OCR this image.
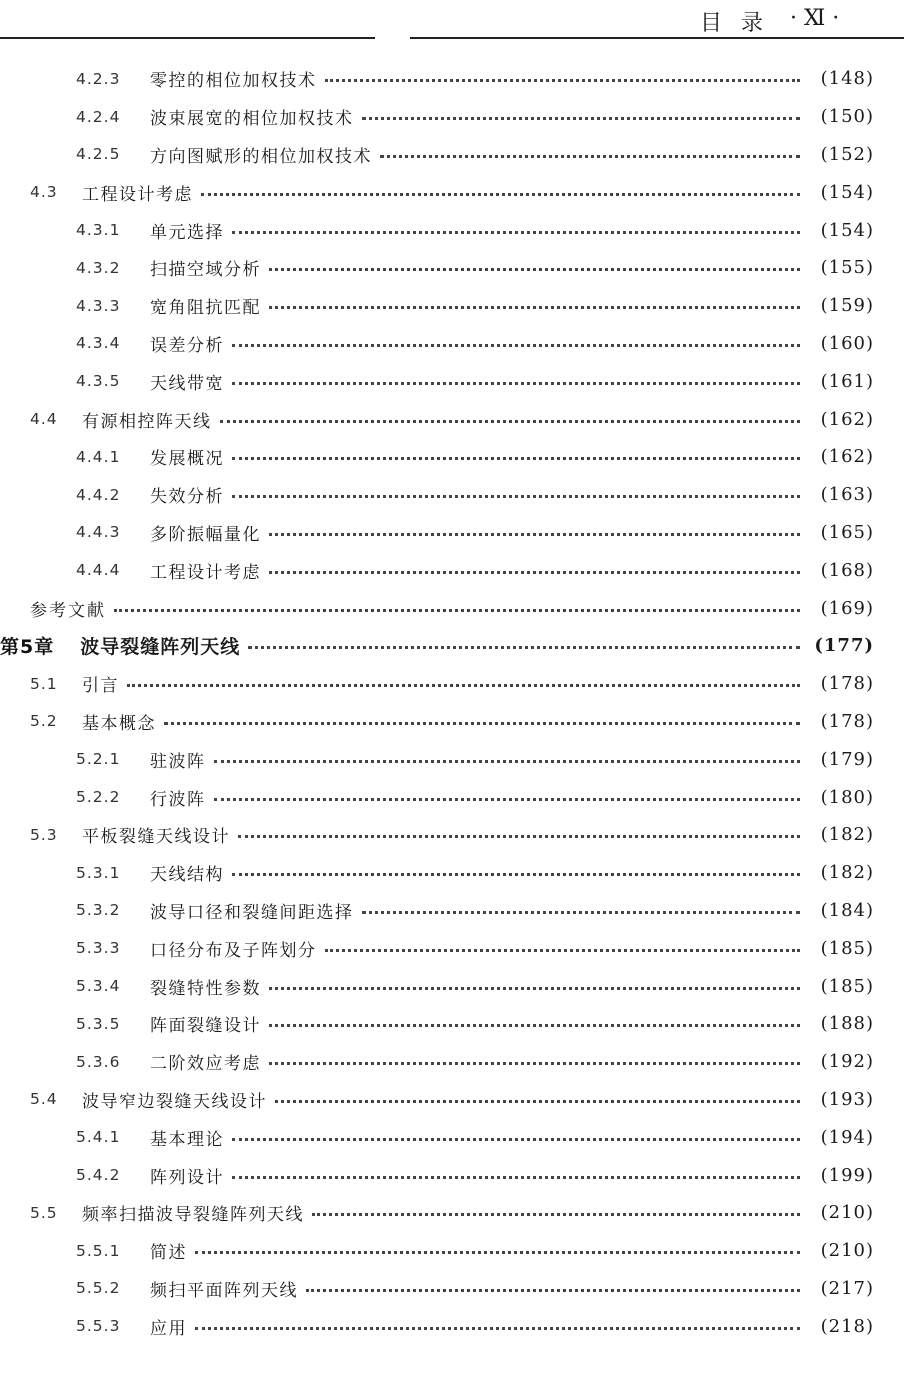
目 录 · Ⅺ ·
4.2.3	零控的相位加权技术	(148)
4.2.4	波束展宽的相位加权技术	(150)
4.2.5	方向图赋形的相位加权技术	(152)
4.3	工程设计考虑	(154)
4.3.1	单元选择	(154)
4.3.2	扫描空域分析	(155)
4.3.3	宽角阻抗匹配	(159)
4.3.4	误差分析	(160)
4.3.5	天线带宽	(161)
4.4	有源相控阵天线	(162)
4.4.1	发展概况	(162)
4.4.2	失效分析	(163)
4.4.3	多阶振幅量化	(165)
4.4.4	工程设计考虑	(168)
参考文献	(169)
第5章 波导裂缝阵列天线	(177)
5.1	引言	(178)
5.2	基本概念	(178)
5.2.1	驻波阵	(179)
5.2.2	行波阵	(180)
5.3	平板裂缝天线设计	(182)
5.3.1	天线结构	(182)
5.3.2	波导口径和裂缝间距选择	(184)
5.3.3	口径分布及子阵划分	(185)
5.3.4	裂缝特性参数	(185)
5.3.5	阵面裂缝设计	(188)
5.3.6	二阶效应考虑	(192)
5.4	波导窄边裂缝天线设计	(193)
5.4.1	基本理论	(194)
5.4.2	阵列设计	(199)
5.5	频率扫描波导裂缝阵列天线	(210)
5.5.1	简述	(210)
5.5.2	频扫平面阵列天线	(217)
5.5.3	应用	(218)
